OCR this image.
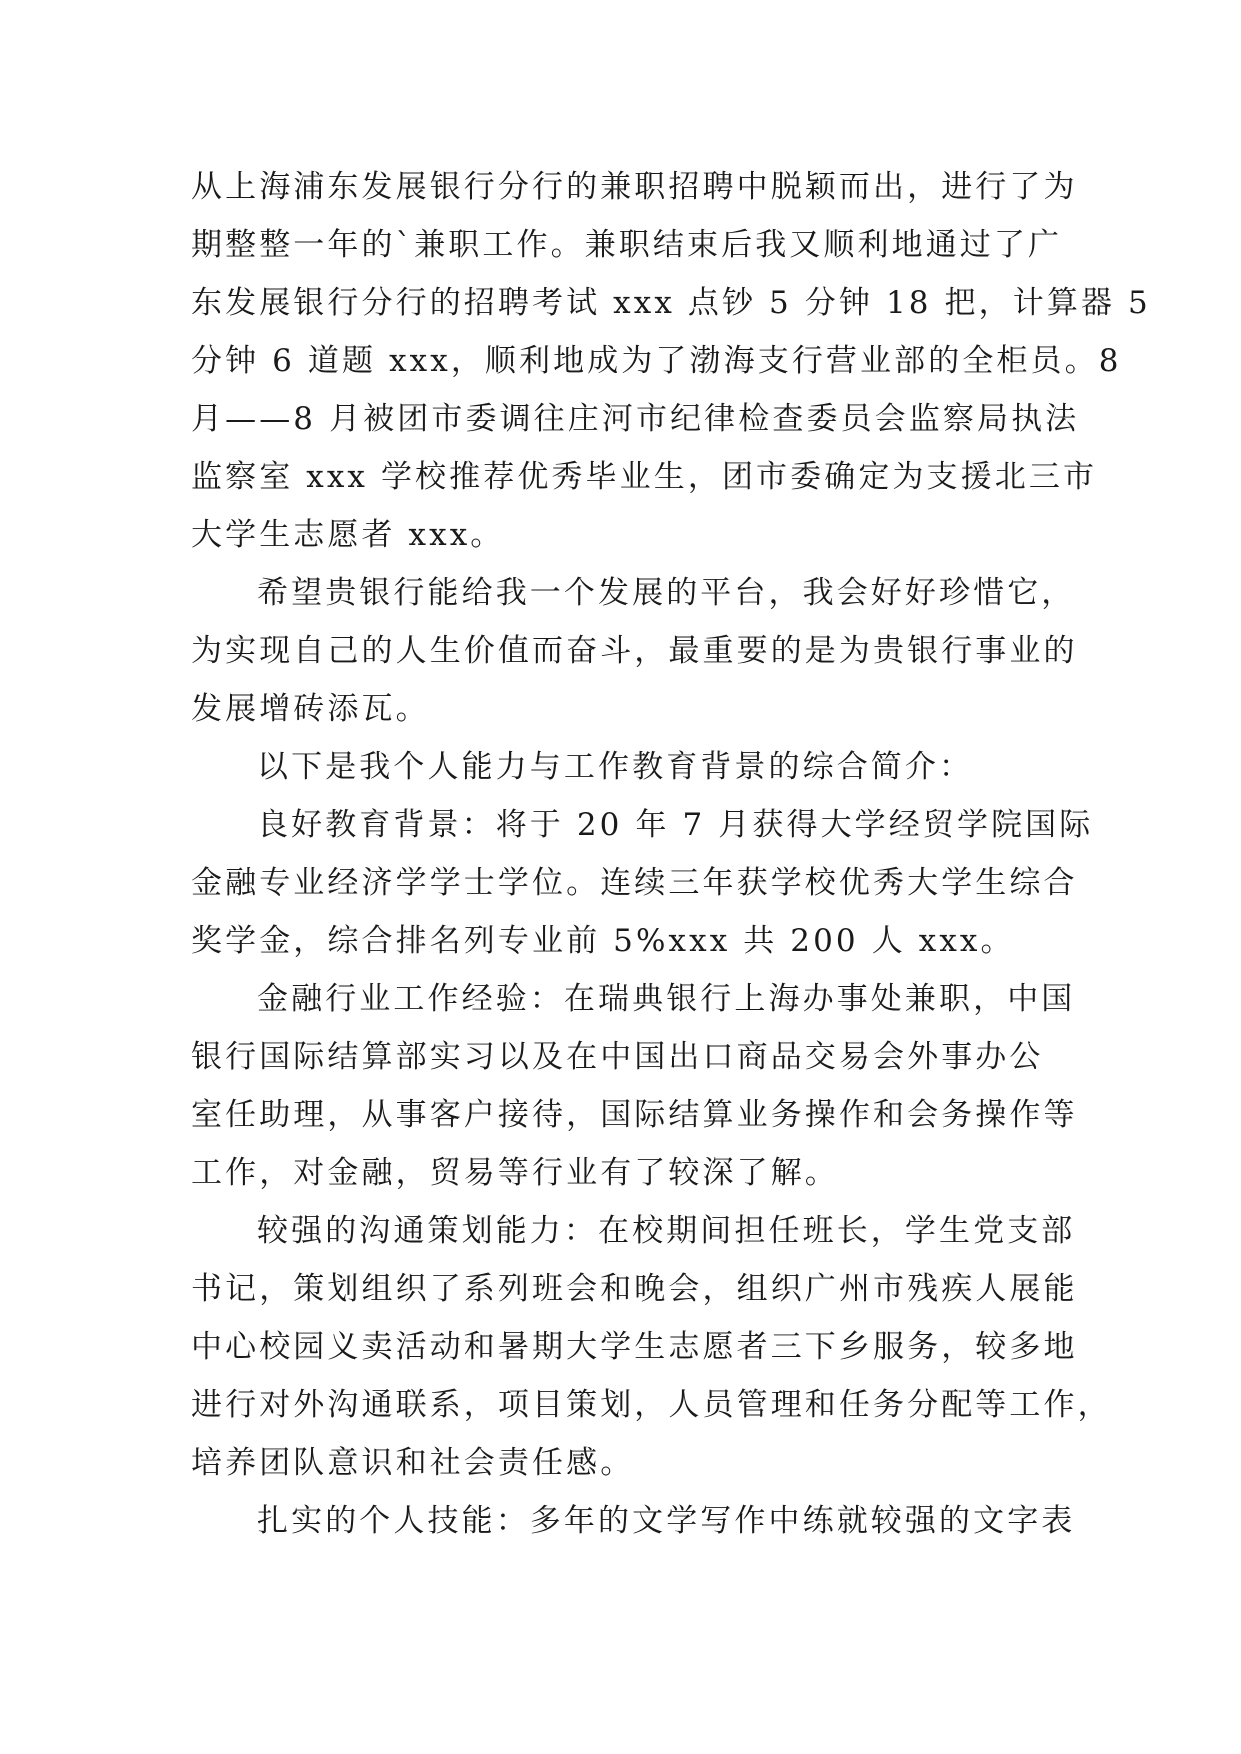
从上海浦东发展银行分行的兼职招聘中脱颖而出，进行了为
期整整一年的`兼职工作。兼职结束后我又顺利地通过了广
东发展银行分行的招聘考试 xxx 点钞 5 分钟 18 把，计算器 5
分钟 6 道题 xxx，顺利地成为了渤海支行营业部的全柜员。8
月——8 月被团市委调往庄河市纪律检查委员会监察局执法
监察室 xxx 学校推荐优秀毕业生，团市委确定为支援北三市
大学生志愿者 xxx。
希望贵银行能给我一个发展的平台，我会好好珍惜它，
为实现自己的人生价值而奋斗，最重要的是为贵银行事业的
发展增砖添瓦。
以下是我个人能力与工作教育背景的综合简介：
良好教育背景：将于 20 年 7 月获得大学经贸学院国际
金融专业经济学学士学位。连续三年获学校优秀大学生综合
奖学金，综合排名列专业前 5%xxx 共 200 人 xxx。
金融行业工作经验：在瑞典银行上海办事处兼职，中国
银行国际结算部实习以及在中国出口商品交易会外事办公
室任助理，从事客户接待，国际结算业务操作和会务操作等
工作，对金融，贸易等行业有了较深了解。
较强的沟通策划能力：在校期间担任班长，学生党支部
书记，策划组织了系列班会和晚会，组织广州市残疾人展能
中心校园义卖活动和暑期大学生志愿者三下乡服务，较多地
进行对外沟通联系，项目策划，人员管理和任务分配等工作，
培养团队意识和社会责任感。
扎实的个人技能：多年的文学写作中练就较强的文字表
